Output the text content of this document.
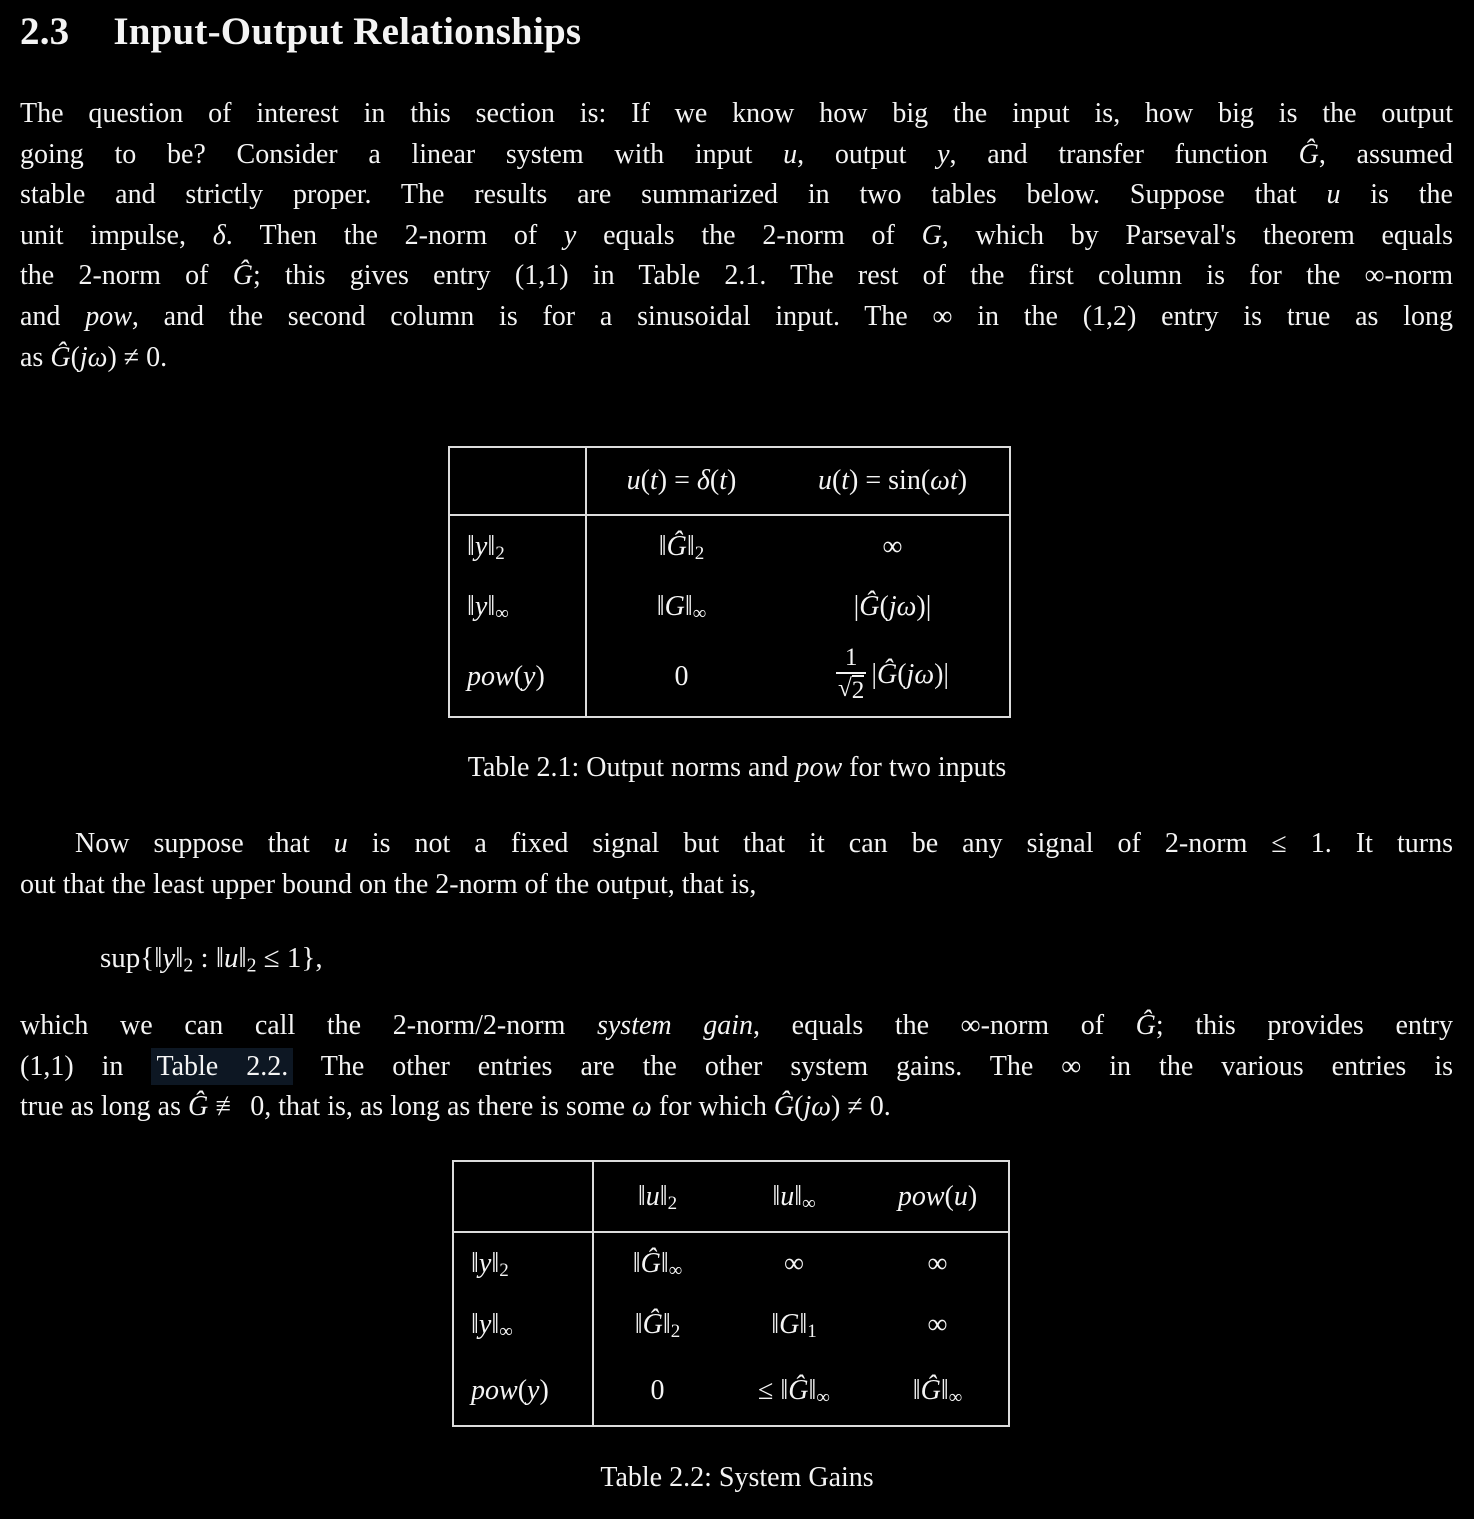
2.3 Input-Output Relationships
The question of interest in this section is: If we know how big the input is, how big is the output
going to be? Consider a linear system with input u, output y, and transfer function Ĝ, assumed
stable and strictly proper. The results are summarized in two tables below. Suppose that u is the
unit impulse, δ. Then the 2-norm of y equals the 2-norm of G, which by Parseval's theorem equals
the 2-norm of Ĝ; this gives entry (1,1) in Table 2.1. The rest of the first column is for the ∞-norm
and pow, and the second column is for a sinusoidal input. The ∞ in the (1,2) entry is true as long
as Ĝ(jω) ≠ 0.
	u(t) = δ(t)	u(t) = sin(ωt)
‖y‖2	‖Ĝ‖2	∞
‖y‖∞	‖G‖∞	|Ĝ(jω)|
pow(y)	0	$\frac{1}{√ 2}$ |Ĝ(jω)|
Table 2.1: Output norms and pow for two inputs
Now suppose that u is not a fixed signal but that it can be any signal of 2-norm ≤ 1. It turns
out that the least upper bound on the 2-norm of the output, that is,
sup{‖y‖2 : ‖u‖2 ≤ 1},
which we can call the 2-norm/2-norm system gain, equals the ∞-norm of Ĝ; this provides entry
(1,1) in Table 2.2. The other entries are the other system gains. The ∞ in the various entries is
true as long as Ĝ ≢ 0, that is, as long as there is some ω for which Ĝ(jω) ≠ 0.
	‖u‖2	‖u‖∞	pow(u)
‖y‖2	‖Ĝ‖∞	∞	∞
‖y‖∞	‖Ĝ‖2	‖G‖1	∞
pow(y)	0	≤ ‖Ĝ‖∞	‖Ĝ‖∞
Table 2.2: System Gains
